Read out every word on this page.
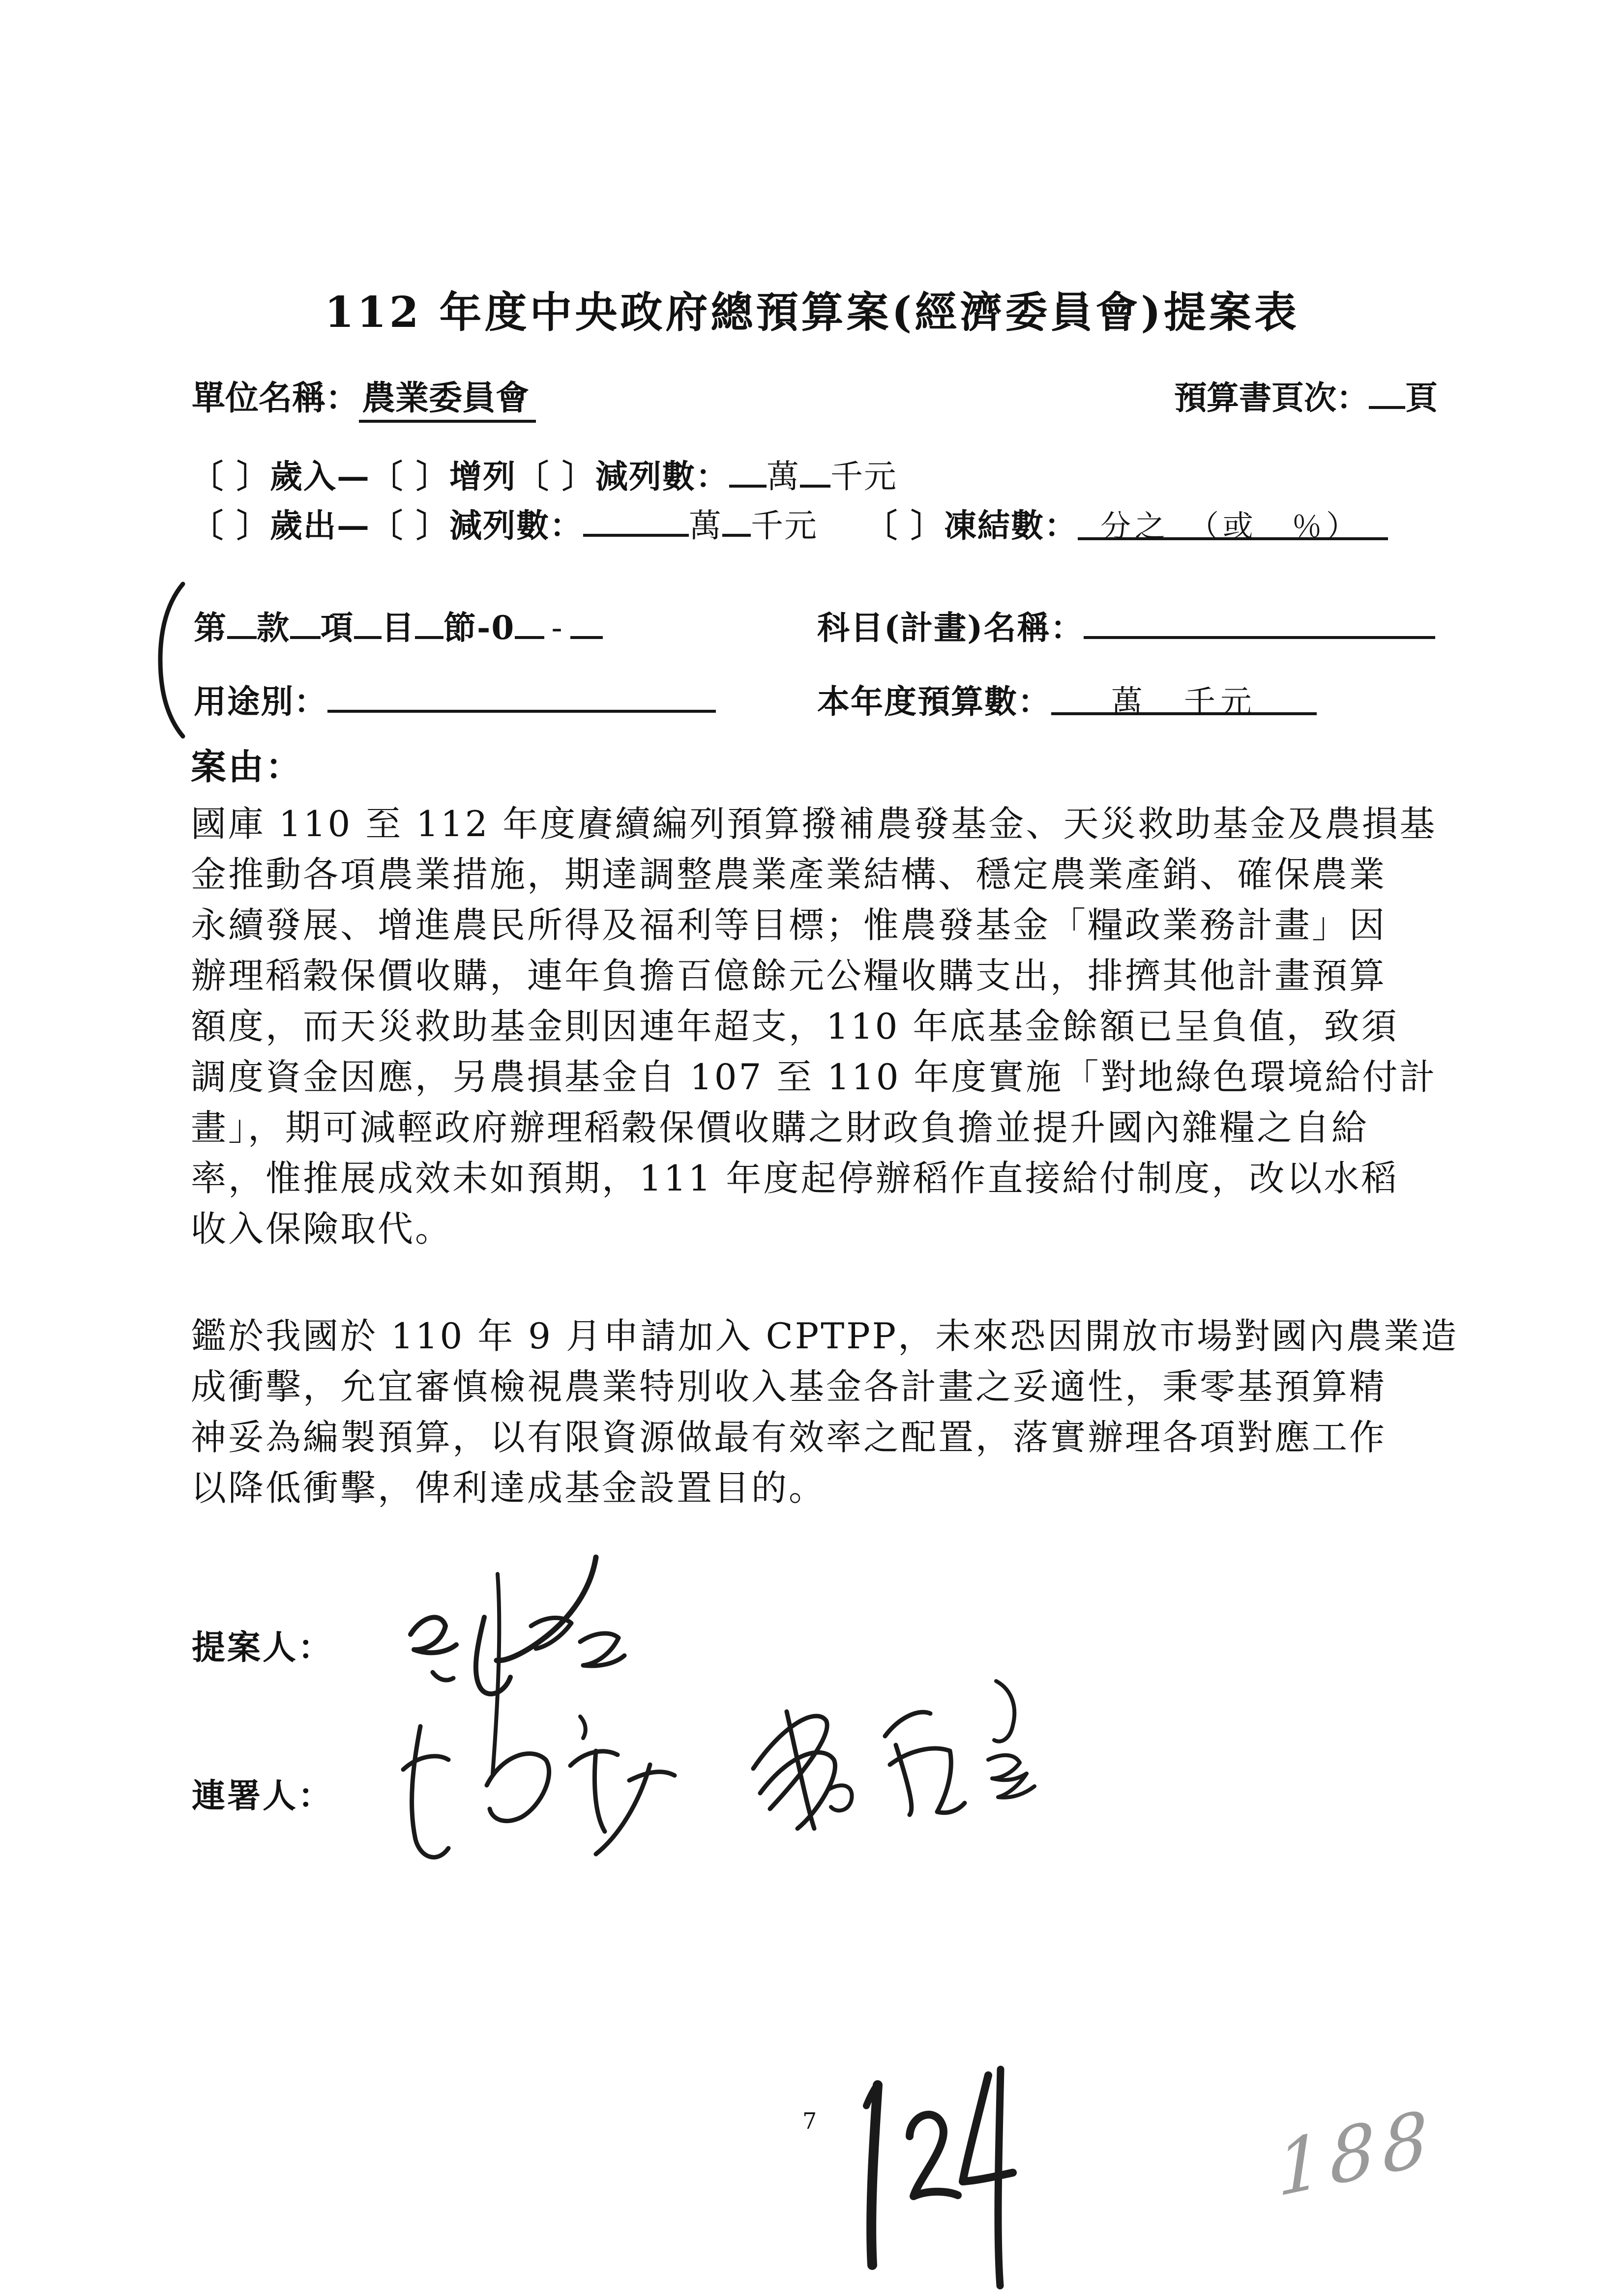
112 年度中央政府總預算案(經濟委員會)提案表
單位名稱：農業委員會	預算書頁次： 頁
〔 〕歲入—〔 〕增列〔 〕減列數： 萬 千元
〔 〕歲出—〔 〕減列數：	萬 千元 〔 〕凍結數： 分之　（或　％）
第 款 項 目 節-0 -	科目(計畫)名稱：
用途別：	本年度預算數： 萬　千元
案由：
國庫 110 至 112 年度賡續編列預算撥補農發基金、天災救助基金及農損基
金推動各項農業措施，期達調整農業產業結構、穩定農業產銷、確保農業
永續發展、增進農民所得及福利等目標；惟農發基金「糧政業務計畫」因
辦理稻穀保價收購，連年負擔百億餘元公糧收購支出，排擠其他計畫預算
額度，而天災救助基金則因連年超支，110 年底基金餘額已呈負值，致須
調度資金因應，另農損基金自 107 至 110 年度實施「對地綠色環境給付計
畫」，期可減輕政府辦理稻穀保價收購之財政負擔並提升國內雜糧之自給
率，惟推展成效未如預期，111 年度起停辦稻作直接給付制度，改以水稻
收入保險取代。
鑑於我國於 110 年 9 月申請加入 CPTPP，未來恐因開放市場對國內農業造
成衝擊，允宜審慎檢視農業特別收入基金各計畫之妥適性，秉零基預算精
神妥為編製預算，以有限資源做最有效率之配置，落實辦理各項對應工作
以降低衝擊，俾利達成基金設置目的。
提案人：
連署人：
7	188
